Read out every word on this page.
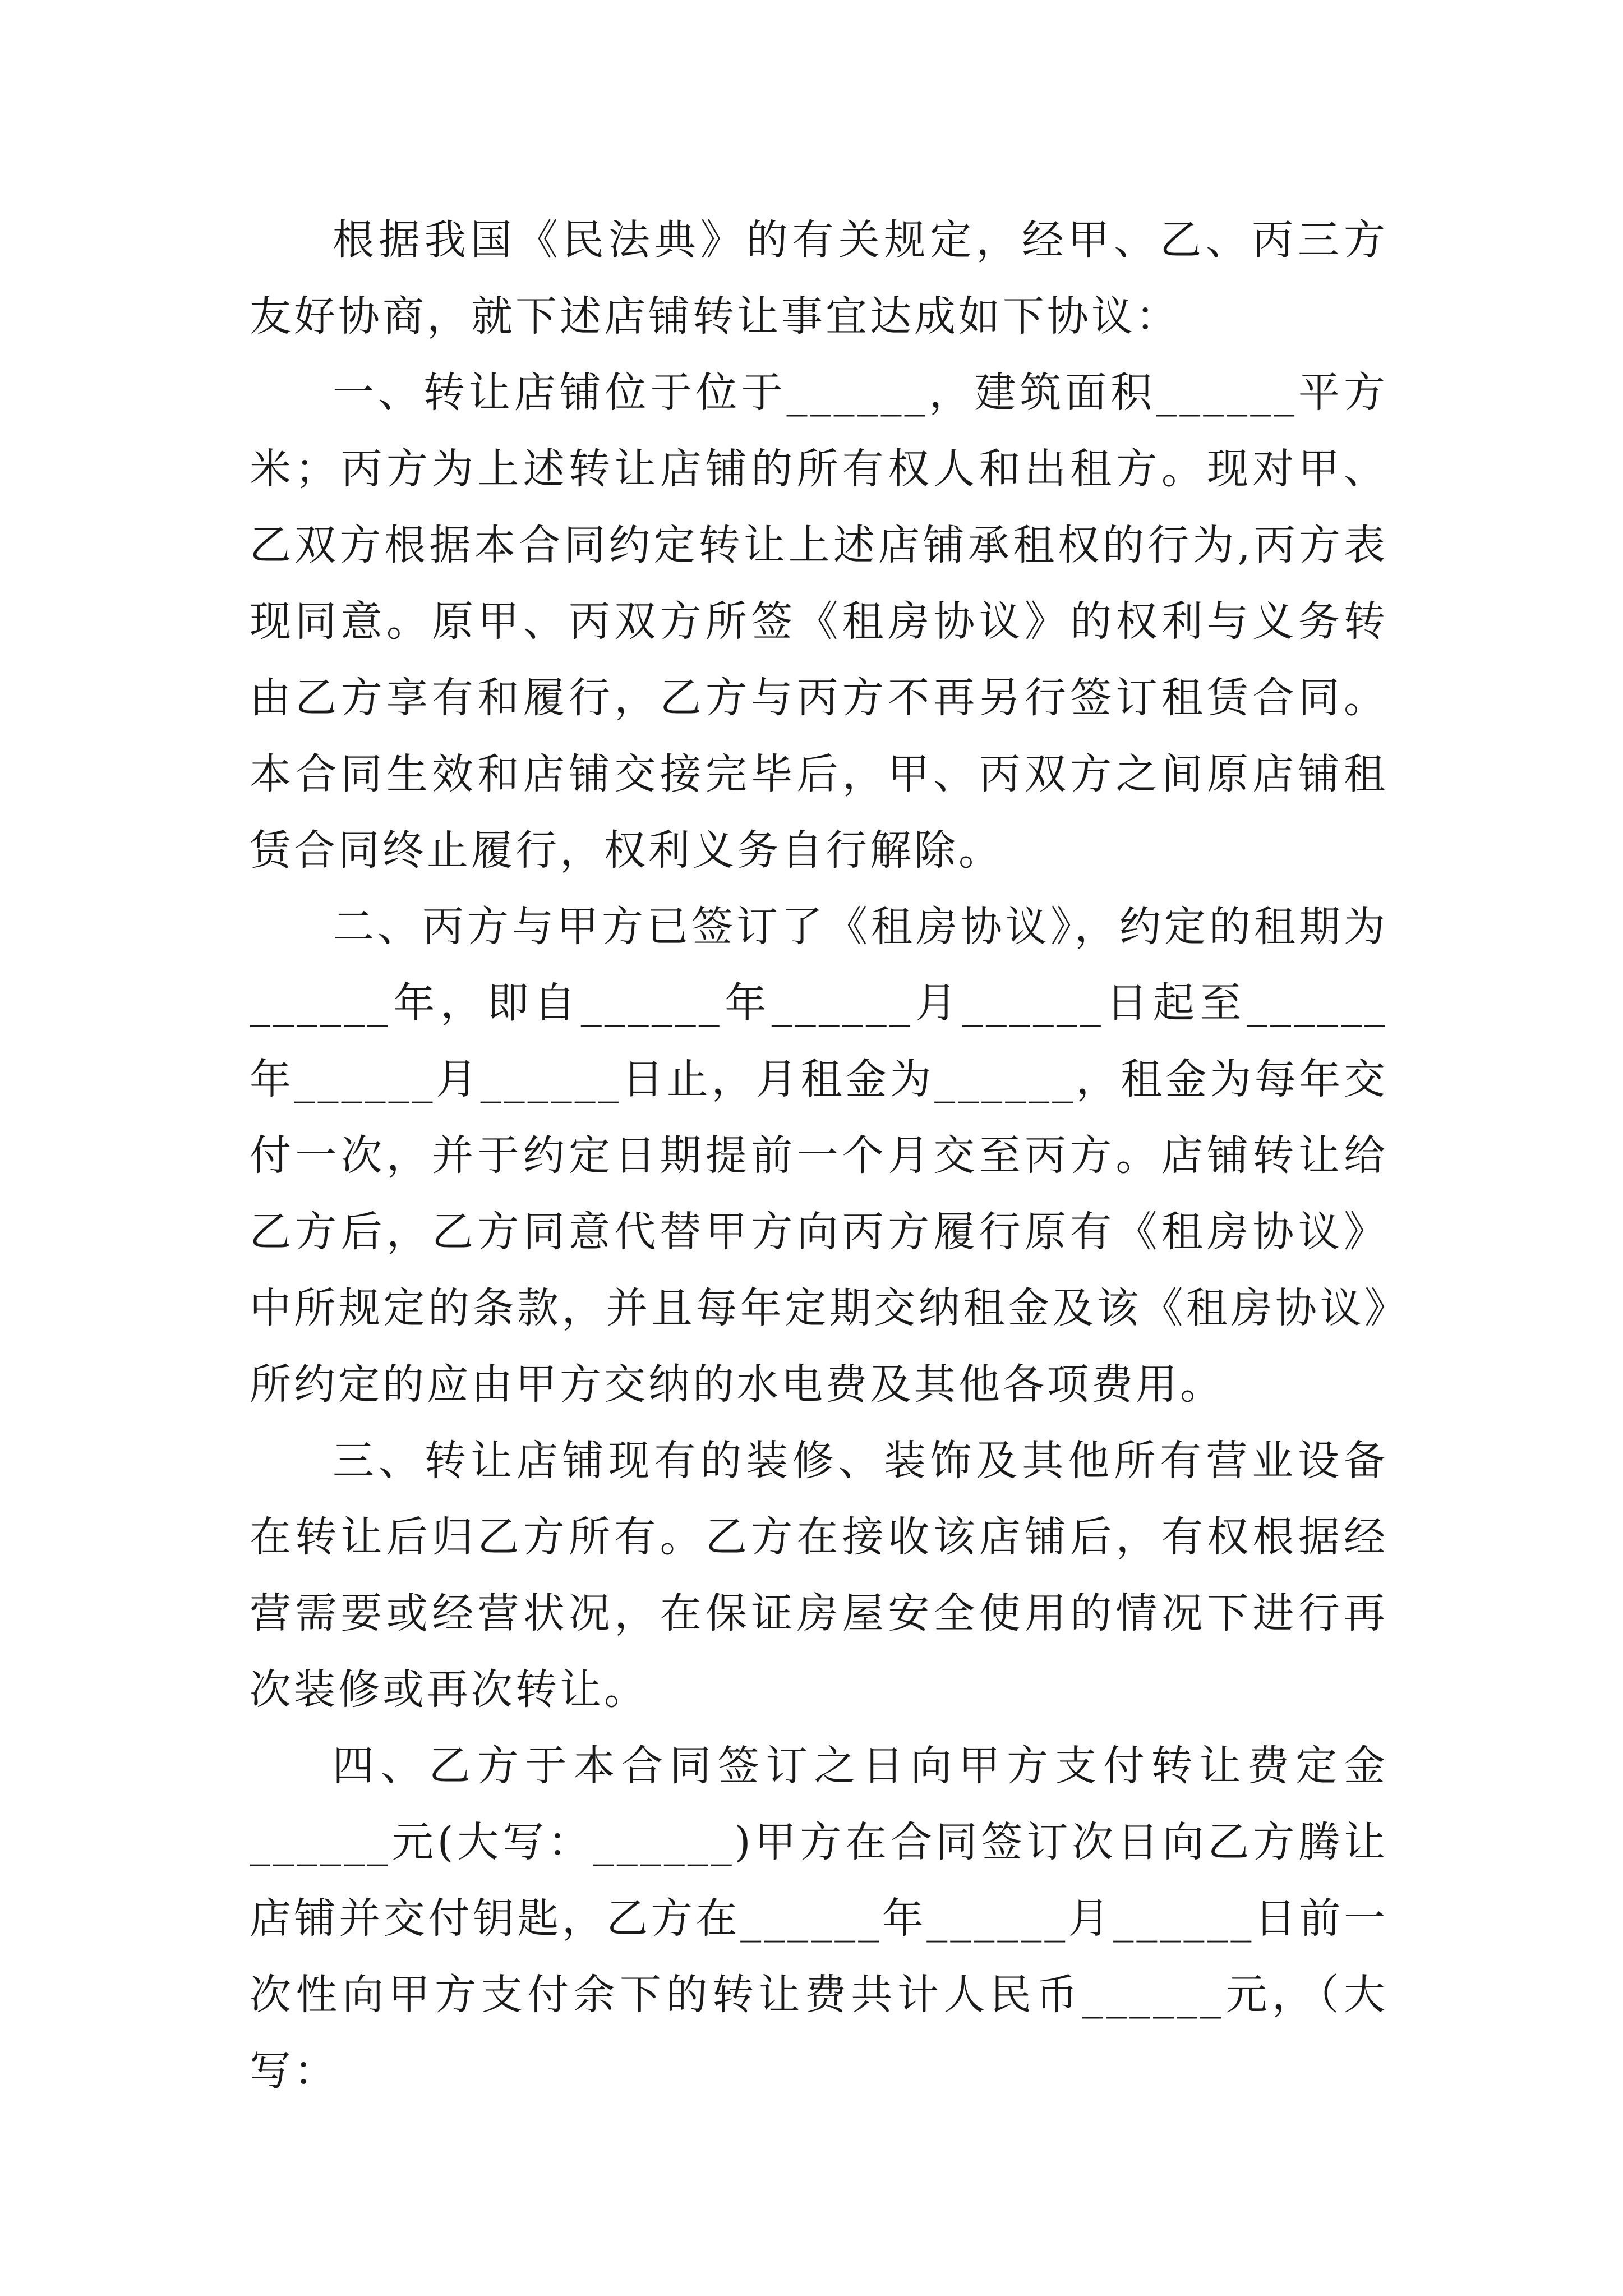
根据我国《民法典》的有关规定，经甲、乙、丙三方友好协商，就下述店铺转让事宜达成如下协议：

一、转让店铺位于位于______，建筑面积______平方米；丙方为上述转让店铺的所有权人和出租方。现对甲、乙双方根据本合同约定转让上述店铺承租权的行为,丙方表现同意。原甲、丙双方所签《租房协议》的权利与义务转由乙方享有和履行，乙方与丙方不再另行签订租赁合同。本合同生效和店铺交接完毕后，甲、丙双方之间原店铺租赁合同终止履行，权利义务自行解除。

二、丙方与甲方已签订了《租房协议》，约定的租期为______年，即自______年______月______日起至______年______月______日止，月租金为______，租金为每年交付一次，并于约定日期提前一个月交至丙方。店铺转让给乙方后，乙方同意代替甲方向丙方履行原有《租房协议》中所规定的条款，并且每年定期交纳租金及该《租房协议》所约定的应由甲方交纳的水电费及其他各项费用。

三、转让店铺现有的装修、装饰及其他所有营业设备在转让后归乙方所有。乙方在接收该店铺后，有权根据经营需要或经营状况，在保证房屋安全使用的情况下进行再次装修或再次转让。

四、乙方于本合同签订之日向甲方支付转让费定金______元(大写：______)甲方在合同签订次日向乙方腾让店铺并交付钥匙，乙方在______年______月______日前一次性向甲方支付余下的转让费共计人民币______元，（大写：
